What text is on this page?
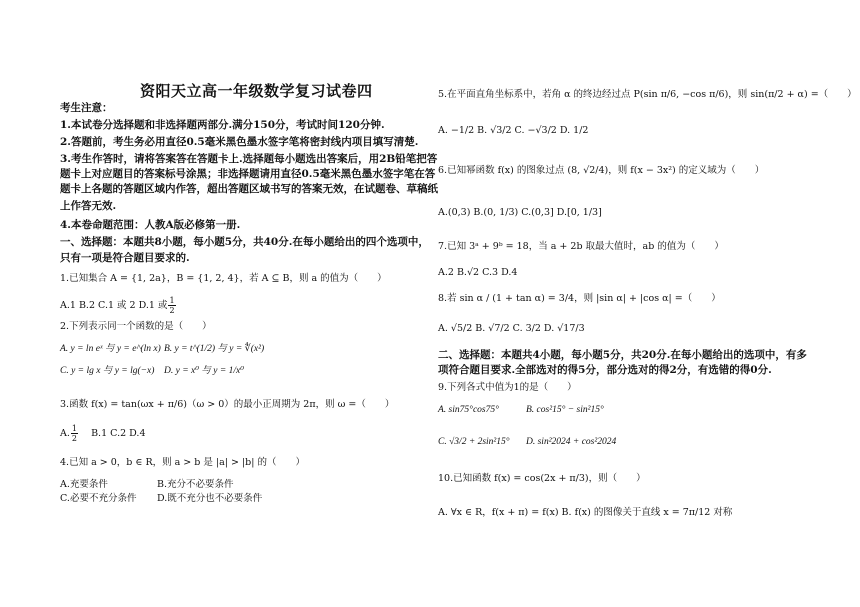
资阳天立高一年级数学复习试卷四
考生注意：
1.本试卷分选择题和非选择题两部分.满分150分，考试时间120分钟.
2.答题前，考生务必用直径0.5毫米黑色墨水签字笔将密封线内项目填写清楚.
3.考生作答时，请将答案答在答题卡上.选择题每小题选出答案后，用2B铅笔把答
题卡上对应题目的答案标号涂黑；非选择题请用直径0.5毫米黑色墨水签字笔在答
题卡上各题的答题区域内作答，超出答题区域书写的答案无效，在试题卷、草稿纸
上作答无效.
4.本卷命题范围：人教A版必修第一册.
一、选择题：本题共8小题，每小题5分，共40分.在每小题给出的四个选项中，
只有一项是符合题目要求的.
1.已知集合 A = {1, 2a}，B = {1, 2, 4}，若 A ⊆ B，则 a 的值为（　　）
A.1 B.2 C.1 或 2 D.1 或 $\frac{1}{2}$
2.下列表示同一个函数的是（　　）
A. y = ln eˣ 与 y = e^(ln x) B. y = t^(1/2) 与 y = ∜(x²)
C. y = lg x 与 y = lg(−x) D. y = x⁰ 与 y = 1/x⁰
3.函数 f(x) = tan(ωx + π/6)（ω > 0）的最小正周期为 2π，则 ω =（　　）
A. $\frac{1}{2} B.1$ C.2 D.4
4.已知 a > 0，b ∈ R，则 a > b 是 |a| > |b| 的（　　）
A.充要条件	B.充分不必要条件
C.必要不充分条件 D.既不充分也不必要条件
5.在平面直角坐标系中，若角 α 的终边经过点 P(sin π/6, −cos π/6)，则 sin(π/2 + α) =（　　）
A. −1/2 B. √3/2 C. −√3/2 D. 1/2
6.已知幂函数 f(x) 的图象过点 (8, √2/4)，则 f(x − 3x²) 的定义域为（　　）
A.(0,3) B.(0, 1/3) C.(0,3] D.[0, 1/3]
7.已知 3ᵃ + 9ᵇ = 18，当 a + 2b 取最大值时，ab 的值为（　　）
A.2 B.√2 C.3 D.4
8.若 sin α / (1 + tan α) = 3/4，则 |sin α| + |cos α| =（　　）
A. √5/2 B. √7/2 C. 3/2 D. √17/3
二、选择题：本题共4小题，每小题5分，共20分.在每小题给出的选项中，有多
项符合题目要求.全部选对的得5分，部分选对的得2分，有选错的得0分.
9.下列各式中值为1的是（　　）
A. sin75°cos75°	B. cos²15° − sin²15°
C. √3/2 + 2sin²15° D. sin²2024 + cos²2024
10.已知函数 f(x) = cos(2x + π/3)，则（　　）
A. ∀x ∈ R，f(x + π) = f(x) B. f(x) 的图像关于直线 x = 7π/12 对称
